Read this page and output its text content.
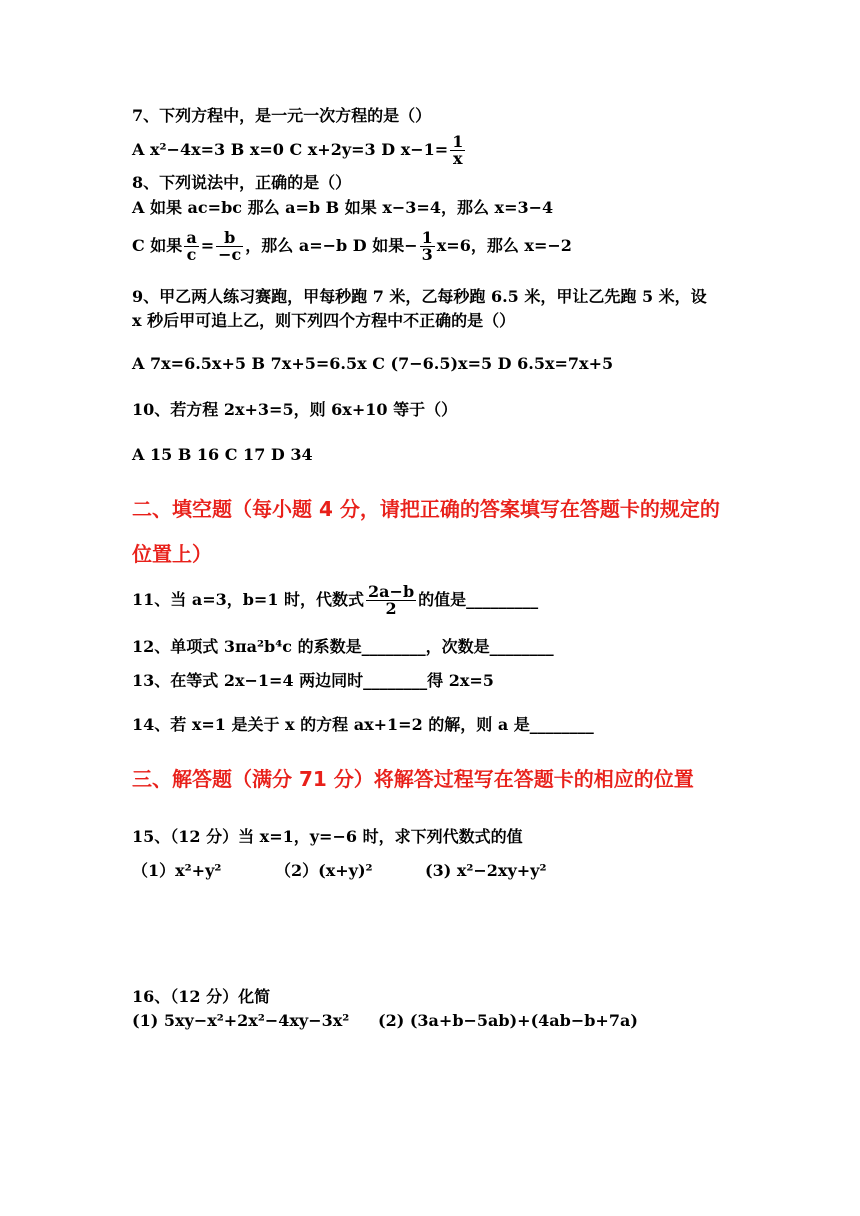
7、下列方程中，是一元一次方程的是（）
A x²−4x=3 B x=0 C x+2y=3 D $x-1= \frac{1}{x}$
8、下列说法中，正确的是（）
A 如果 ac=bc 那么 a=b B 如果 x−3=4，那么 x=3−4
C 如果 $\frac{a}{c} = \frac{b}{-c}$ ，那么 a=−b D 如果− $\frac{1}{3} x=6$，那么 x=−2
9、甲乙两人练习赛跑，甲每秒跑 7 米，乙每秒跑 6.5 米，甲让乙先跑 5 米，设
x 秒后甲可追上乙，则下列四个方程中不正确的是（）
A 7x=6.5x+5 B 7x+5=6.5x C (7−6.5)x=5 D 6.5x=7x+5
10、若方程 2x+3=5，则 6x+10 等于（）
A 15 B 16 C 17 D 34
二、填空题（每小题 4 分，请把正确的答案填写在答题卡的规定的
位置上）
11、当 a=3，b=1 时，代数式 $\frac{2a-b}{2}$ 的值是_________
12、单项式 3πa²b⁴c 的系数是________，次数是________
13、在等式 2x−1=4 两边同时________得 2x=5
14、若 x=1 是关于 x 的方程 ax+1=2 的解，则 a 是________
三、解答题（满分 71 分）将解答过程写在答题卡的相应的位置
15、（12 分）当 x=1，y=−6 时，求下列代数式的值
（1）x²+y²	（2）(x+y)²	(3) x²−2xy+y²
16、（12 分）化简
(1) 5xy−x²+2x²−4xy−3x² (2) (3a+b−5ab)+(4ab−b+7a)
